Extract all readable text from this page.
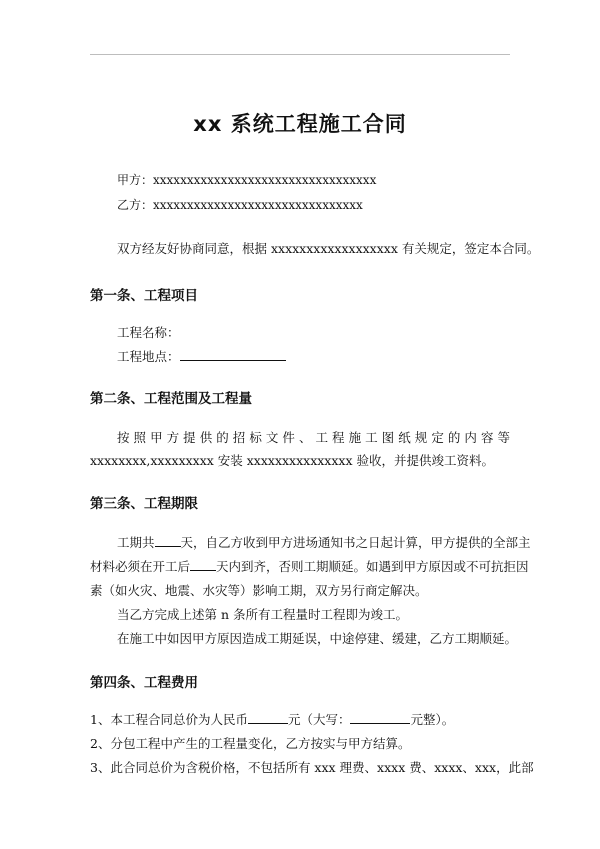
xx 系统工程施工合同
甲方：xxxxxxxxxxxxxxxxxxxxxxxxxxxxxxxxx
乙方：xxxxxxxxxxxxxxxxxxxxxxxxxxxxxxx
双方经友好协商同意，根据 xxxxxxxxxxxxxxxxxx 有关规定，签定本合同。
第一条、工程项目
工程名称：
工程地点：
第二条、工程范围及工程量
按照甲方提供的招标文件、工程施工图纸规定的内容等
xxxxxxxx,xxxxxxxxx 安装 xxxxxxxxxxxxxxx 验收，并提供竣工资料。
第三条、工程期限
工期共 天，自乙方收到甲方进场通知书之日起计算，甲方提供的全部主
材料必须在开工后 天内到齐，否则工期顺延。如遇到甲方原因或不可抗拒因
素（如火灾、地震、水灾等）影响工期，双方另行商定解决。
当乙方完成上述第 n 条所有工程量时工程即为竣工。
在施工中如因甲方原因造成工期延误，中途停建、缓建，乙方工期顺延。
第四条、工程费用
1、本工程合同总价为人民币	元（大写：	元整）。
2、分包工程中产生的工程量变化，乙方按实与甲方结算。
3、此合同总价为含税价格，不包括所有 xxx 理费、xxxx 费、xxxx、xxx，此部
